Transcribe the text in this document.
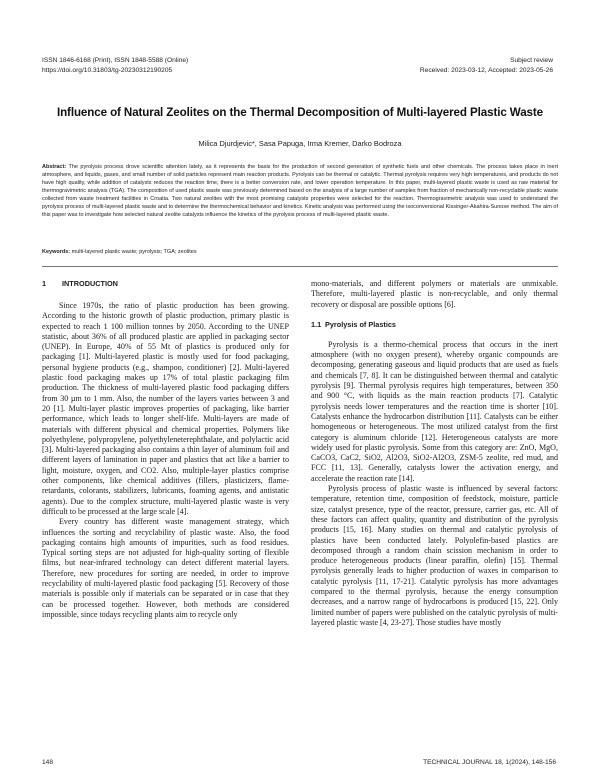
ISSN 1846-6168 (Print), ISSN 1848-5588 (Online)
https://doi.org/10.31803/tg-20230312190205
Subject review
Received: 2023-03-12, Accepted: 2023-05-26
Influence of Natural Zeolites on the Thermal Decomposition of Multi-layered Plastic Waste
Milica Djurdjevic*, Sasa Papuga, Irma Kremer, Darko Bodroza
Abstract: The pyrolysis process drove scientific attention lately, as it represents the basis for the production of second generation of synthetic fuels and other chemicals. The process takes place in inert atmosphere, and liquids, gases, and small number of solid particles represent main reaction products. Pyrolysis can be thermal or catalytic. Thermal pyrolysis requires very high temperatures, and products do not have high quality, while addition of catalysts reduces the reaction time, there is a better conversion rate, and lower operation temperature. In this paper, multi-layered plastic waste is used as raw material for thermogravimetric analysis (TGA). The composition of used plastic waste was previously determined based on the analysis of a large number of samples from fraction of mechanically non-recyclable plastic waste collected from waste treatment facilities in Croatia. Two natural zeolites with the most promising catalysts properties were selected for the reaction. Thermogravimetric analysis was used to understand the pyrolysis process of multi-layered plastic waste and to determine the thermochemical behavior and kinetics. Kinetic analysis was performed using the isoconversional Kissinger-Akahira-Sunose method. The aim of this paper was to investigate how selected natural zeolite catalysts influence the kinetics of the pyrolysis process of multi-layered plastic waste.
Keywords: multi-layered plastic waste; pyrolysis; TGA; zeolites
1 INTRODUCTION

Since 1970s, the ratio of plastic production has been growing. According to the historic growth of plastic production, primary plastic is expected to reach 1 100 million tonnes by 2050. According to the UNEP statistic, about 36% of all produced plastic are applied in packaging sector (UNEP). In Europe, 40% of 55 Mt of plastics is produced only for packaging [1]. Multi-layered plastic is mostly used for food packaging, personal hygiene products (e.g., shampoo, conditioner) [2]. Multi-layered plastic food packaging makes up 17% of total plastic packaging film production. The thickness of multi-layered plastic food packaging differs from 30 µm to 1 mm. Also, the number of the layers varies between 3 and 20 [1]. Multi-layer plastic improves properties of packaging, like barrier performance, which leads to longer shelf-life. Multi-layers are made of materials with different physical and chemical properties. Polymers like polyethylene, polypropylene, polyethyleneterephthalate, and polylactic acid [3]. Multi-layered packaging also contains a thin layer of aluminum foil and different layers of lamination in paper and plastics that act like a barrier to light, moisture, oxygen, and CO2. Also, multiple-layer plastics comprise other components, like chemical additives (fillers, plasticizers, flame-retardants, colorants, stabilizers, lubricants, foaming agents, and antistatic agents). Due to the complex structure, multi-layered plastic waste is very difficult to be processed at the large scale [4].

Every country has different waste management strategy, which influences the sorting and recyclability of plastic waste. Also, the food packaging contains high amounts of impurities, such as food residues. Typical sorting steps are not adjusted for high-quality sorting of flexible films, but near-infrared technology can detect different material layers. Therefore, new procedures for sorting are needed, in order to improve recyclability of multi-layered plastic food packaging [5]. Recovery of those materials is possible only if materials can be separated or in case that they can be processed together. However, both methods are considered impossible, since todays recycling plants aim to recycle only

mono-materials, and different polymers or materials are unmixable. Therefore, multi-layered plastic is non-recyclable, and only thermal recovery or disposal are possible options [6].

1.1 Pyrolysis of Plastics

Pyrolysis is a thermo-chemical process that occurs in the inert atmosphere (with no oxygen present), whereby organic compounds are decomposing, generating gaseous and liquid products that are used as fuels and chemicals [7, 8]. It can be distinguished between thermal and catalytic pyrolysis [9]. Thermal pyrolysis requires high temperatures, between 350 and 900 °C, with liquids as the main reaction products [7]. Catalytic pyrolysis needs lower temperatures and the reaction time is shorter [10]. Catalysts enhance the hydrocarbon distribution [11]. Catalysts can be either homogeneous or heterogeneous. The most utilized catalyst from the first category is aluminum chloride [12]. Heterogeneous catalysts are more widely used for plastic pyrolysis. Some from this category are: ZnO, MgO, CaCO3, CaC2, SiO2, Al2O3, SiO2-Al2O3, ZSM-5 zeolite, red mud, and FCC [11, 13]. Generally, catalysts lower the activation energy, and accelerate the reaction rate [14].

Pyrolysis process of plastic waste is influenced by several factors: temperature, retention time, composition of feedstock, moisture, particle size, catalyst presence, type of the reactor, pressure, carrier gas, etc. All of these factors can affect quality, quantity and distribution of the pyrolysis products [15, 16]. Many studies on thermal and catalytic pyrolysis of plastics have been conducted lately. Polyolefin-based plastics are decomposed through a random chain scission mechanism in order to produce heterogeneous products (linear paraffin, olefin) [15]. Thermal pyrolysis generally leads to higher production of waxes in comparison to catalytic pyrolysis [11, 17-21]. Catalytic pyrolysis has more advantages compared to the thermal pyrolysis, because the energy consumption decreases, and a narrow range of hydrocarbons is produced [15, 22]. Only limited number of papers were published on the catalytic pyrolysis of multi-layered plastic waste [4, 23-27]. Those studies have mostly

148	TECHNICAL JOURNAL 18, 1(2024), 148-156
